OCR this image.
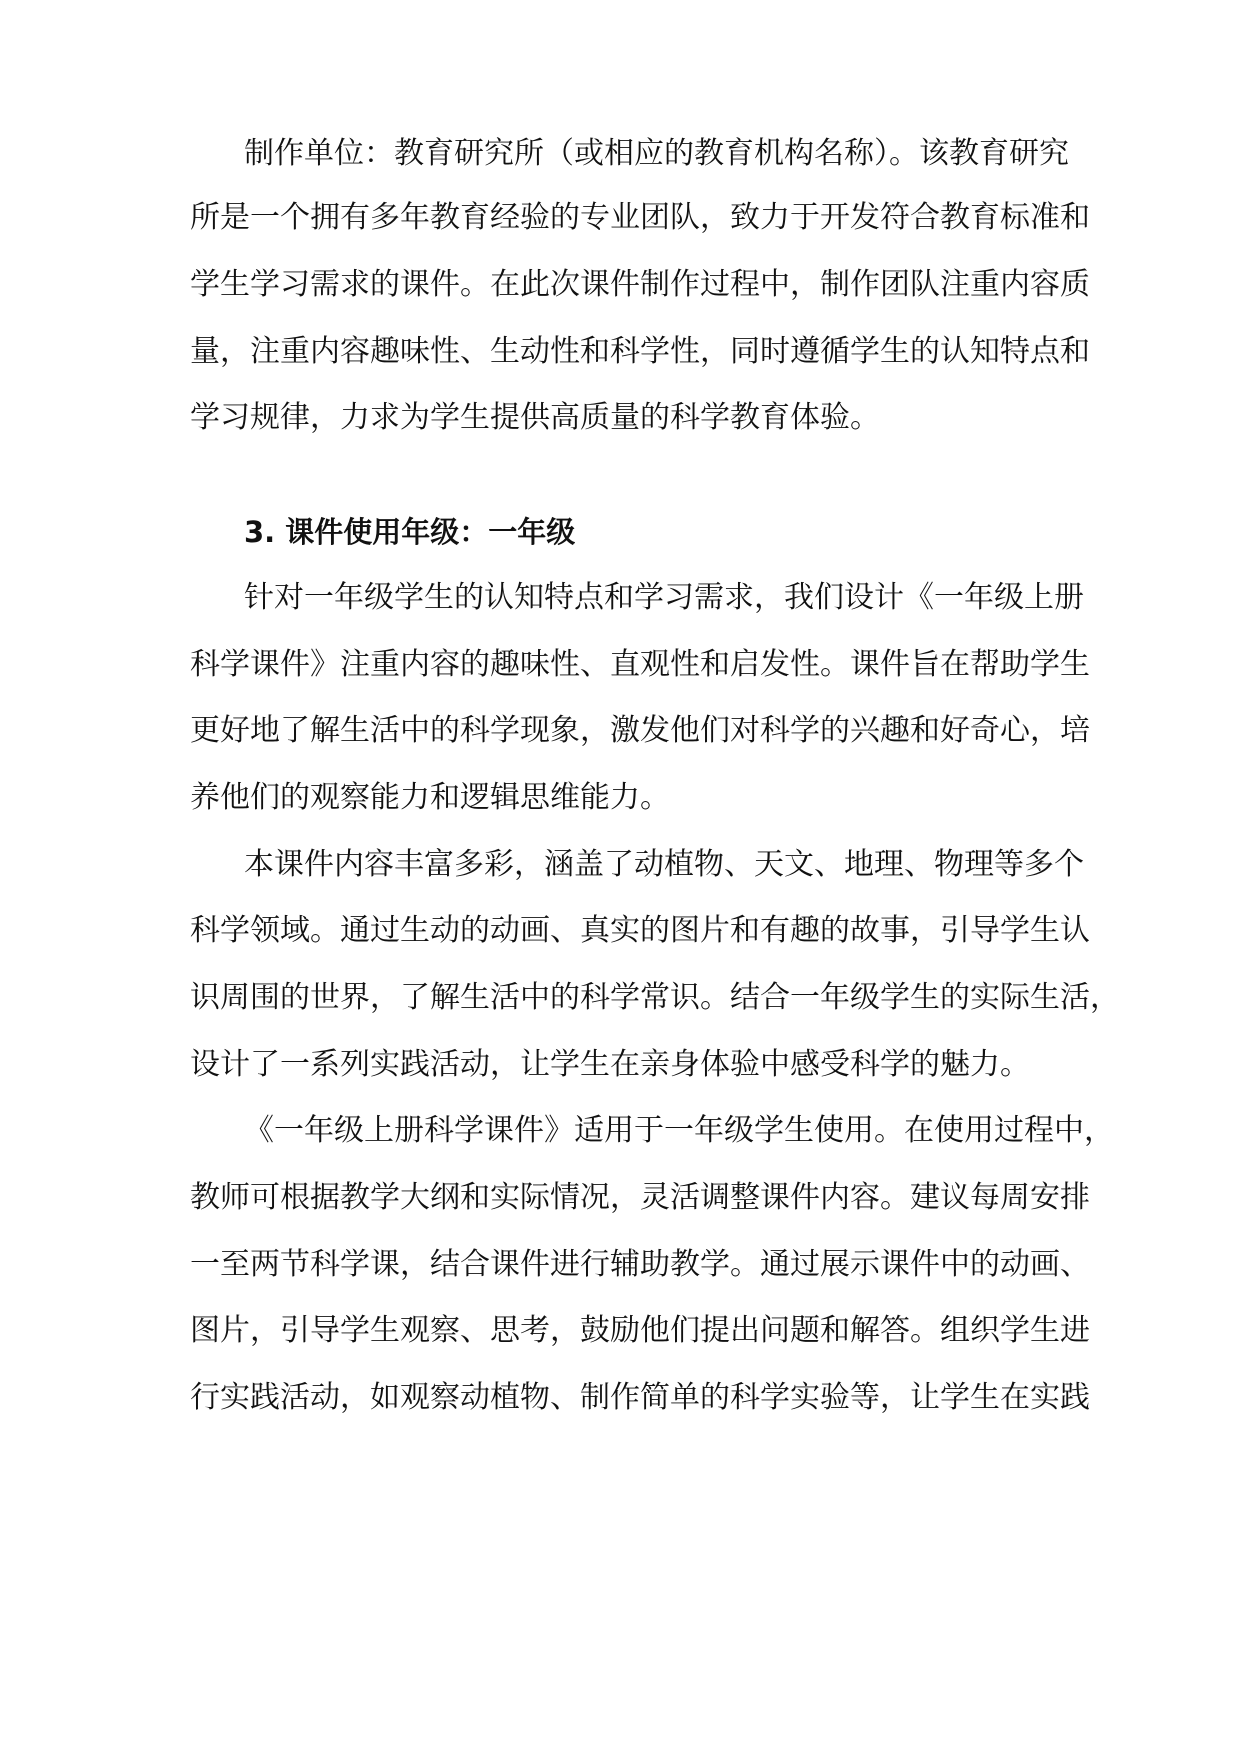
制作单位：教育研究所（或相应的教育机构名称）。该教育研究
所是一个拥有多年教育经验的专业团队，致力于开发符合教育标准和
学生学习需求的课件。在此次课件制作过程中，制作团队注重内容质
量，注重内容趣味性、生动性和科学性，同时遵循学生的认知特点和
学习规律，力求为学生提供高质量的科学教育体验。
3. 课件使用年级：一年级
针对一年级学生的认知特点和学习需求，我们设计《一年级上册
科学课件》注重内容的趣味性、直观性和启发性。课件旨在帮助学生
更好地了解生活中的科学现象，激发他们对科学的兴趣和好奇心，培
养他们的观察能力和逻辑思维能力。
本课件内容丰富多彩，涵盖了动植物、天文、地理、物理等多个
科学领域。通过生动的动画、真实的图片和有趣的故事，引导学生认
识周围的世界，了解生活中的科学常识。结合一年级学生的实际生活，
设计了一系列实践活动，让学生在亲身体验中感受科学的魅力。
《一年级上册科学课件》适用于一年级学生使用。在使用过程中，
教师可根据教学大纲和实际情况，灵活调整课件内容。建议每周安排
一至两节科学课，结合课件进行辅助教学。通过展示课件中的动画、
图片，引导学生观察、思考，鼓励他们提出问题和解答。组织学生进
行实践活动，如观察动植物、制作简单的科学实验等，让学生在实践
